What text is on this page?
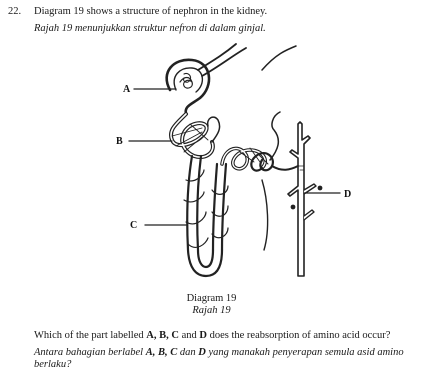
22. Diagram 19 shows a structure of nephron in the kidney.
Rajah 19 menunjukkan struktur nefron di dalam ginjal.
A
B
C
D
Diagram 19
Rajah 19
Which of the part labelled A, B, C and D does the reabsorption of amino acid occur?
Antara bahagian berlabel A, B, C dan D yang manakah penyerapan semula asid amino berlaku?
